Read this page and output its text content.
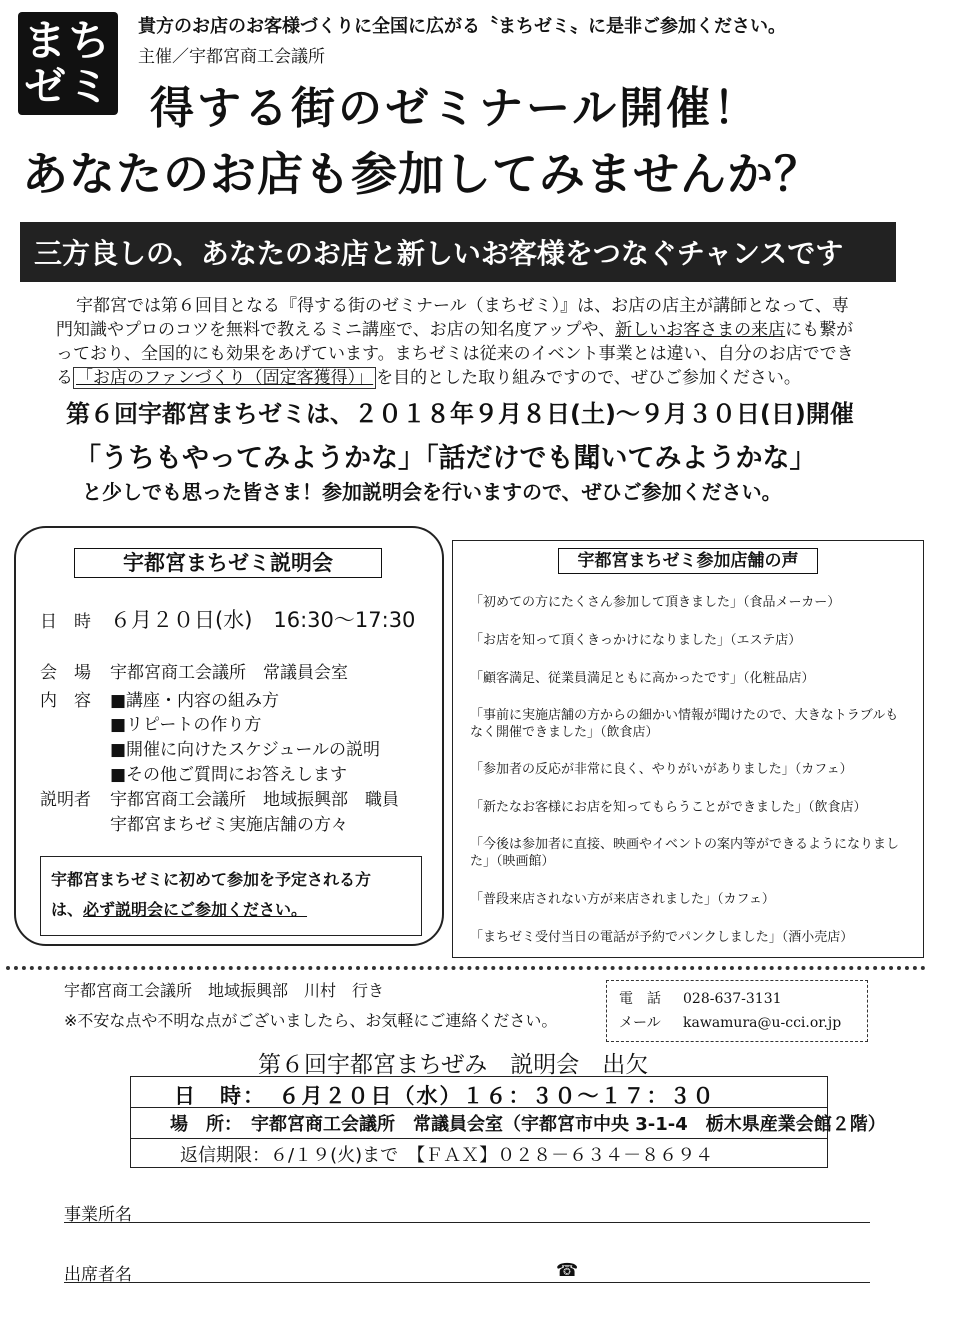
まち
ゼミ
貴方のお店のお客様づくりに全国に広がる〝まちゼミ〟に是非ご参加ください。
主催／宇都宮商工会議所
得する街のゼミナール開催！
あなたのお店も参加してみませんか？
三方良しの、あなたのお店と新しいお客様をつなぐチャンスです

宇都宮では第６回目となる『得する街のゼミナール（まちゼミ）』は、お店の店主が講師となって、専

門知識やプロのコツを無料で教えるミニ講座で、お店の知名度アップや、新しいお客さまの来店にも繋が

っており、全国的にも効果をあげています。まちゼミは従来のイベント事業とは違い、自分のお店ででき

る 「お店のファンづくり（固定客獲得）」 を目的とした取り組みですので、ぜひご参加ください。

第６回宇都宮まちゼミは、２０１８年９月８日(土)～９月３０日(日)開催
「うちもやってみようかな」「話だけでも聞いてみようかな」
と少しでも思った皆さま！参加説明会を行いますので、ぜひご参加ください。
宇都宮まちゼミ説明会
日　時 ６月２０日(水)　16:30～17:30
会　場 宇都宮商工会議所　常議員会室
内　容 ■講座・内容の組み方
■リピートの作り方
■開催に向けたスケジュールの説明
■その他ご質問にお答えします
説明者 宇都宮商工会議所　地域振興部　職員
宇都宮まちゼミ実施店舗の方々
宇都宮まちゼミに初めて参加を予定される方
は、必ず説明会にご参加ください。
宇都宮まちゼミ参加店舗の声
「初めての方にたくさん参加して頂きました」（食品メーカー）
「お店を知って頂くきっかけになりました」（エステ店）
「顧客満足、従業員満足ともに高かったです」（化粧品店）
「事前に実施店舗の方からの細かい情報が聞けたので、大きなトラブルもなく開催できました」（飲食店）
「参加者の反応が非常に良く、やりがいがありました」（カフェ）
「新たなお客様にお店を知ってもらうことができました」（飲食店）
「今後は参加者に直接、映画やイベントの案内等ができるようになりました」（映画館）
「普段来店されない方が来店されました」（カフェ）
「まちゼミ受付当日の電話が予約でパンクしました」（酒小売店）
宇都宮商工会議所　地域振興部　川村　行き
※不安な点や不明な点がございましたら、お気軽にご連絡ください。
電　話 028-637-3131
メール kawamura@u-cci.or.jp
第６回宇都宮まちぜみ　説明会　出欠
日　時：　６月２０日（水）１６：３０～１７：３０
場　所：　宇都宮商工会議所　常議員会室（宇都宮市中央 3-1-4　栃木県産業会館２階）
返信期限：６/１９(火)まで　【ＦＡＸ】０２８－６３４－８６９４
事業所名
出席者名	☎
